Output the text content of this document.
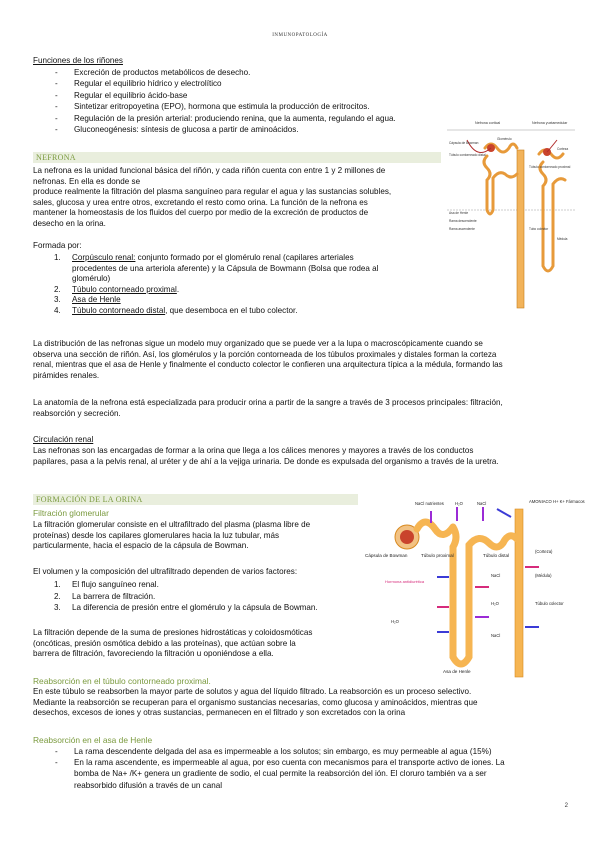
INMUNOPATOLOGÍA
Funciones de los riñones
- Excreción de productos metabólicos de desecho.
- Regular el equilibrio hídrico y electrolítico
- Regular el equilibrio ácido-base
- Sintetizar eritropoyetina (EPO), hormona que estimula la producción de eritrocitos.
- Regulación de la presión arterial: produciendo renina, que la aumenta, regulando el agua.
- Gluconeogénesis: síntesis de glucosa a partir de aminoácidos.
NEFRONA
La nefrona es la unidad funcional básica del riñón, y cada riñón cuenta con entre 1 y 2 millones de
nefronas. En ella es donde se
produce realmente la filtración del plasma sanguíneo para regular el agua y las sustancias solubles,
sales, glucosa y urea entre otros, excretando el resto como orina. La función de la nefrona es
mantener la homeostasis de los fluidos del cuerpo por medio de la excreción de productos de
desecho en la orina.
Formada por:
1. Corpúsculo renal: conjunto formado por el glomérulo renal (capilares arteriales
procedentes de una arteriola aferente) y la Cápsula de Bowmann (Bolsa que rodea al
glomérulo)
2. Túbulo contorneado proximal.
3. Asa de Henle
4. Túbulo contorneado distal, que desemboca en el tubo colector.
Nefrona cortical	Nefrona yuxtamedular
Cápsula de Bowman
Glomérulo
Túbulo contorneado distal
Túbulo contorneado proximal
Asa de Henle
Rama descendente
Rama ascendente	Tubo colector
Corteza
Médula
La distribución de las nefronas sigue un modelo muy organizado que se puede ver a la lupa o macroscópicamente cuando se
observa una sección de riñón. Así, los glomérulos y la porción contorneada de los túbulos proximales y distales forman la corteza
renal, mientras que el asa de Henle y finalmente el conducto colector le confieren una arquitectura típica a la médula, formando las
pirámides renales.
La anatomía de la nefrona está especializada para producir orina a partir de la sangre a través de 3 procesos principales: filtración,
reabsorción y secreción.
Circulación renal
Las nefronas son las encargadas de formar a la orina que llega a los cálices menores y mayores a través de los conductos
papilares, pasa a la pelvis renal, al uréter y de ahí a la vejiga urinaria. De donde es expulsada del organismo a través de la uretra.
FORMACIÓN DE LA ORINA
Filtración glomerular
La filtración glomerular consiste en el ultrafiltrado del plasma (plasma libre de
proteínas) desde los capilares glomerulares hacia la luz tubular, más
particularmente, hacia el espacio de la cápsula de Bowman.
El volumen y la composición del ultrafiltrado dependen de varios factores:
1. El flujo sanguíneo renal.
2. La barrera de filtración.
3. La diferencia de presión entre el glomérulo y la cápsula de Bowman.
La filtración depende de la suma de presiones hidrostáticas y coloidosmóticas
(oncóticas, presión osmótica debido a las proteínas), que actúan sobre la
barrera de filtración, favoreciendo la filtración u oponiéndose a ella.
NaCl nutrientes	NaCl
H₂O	AMONIACO H+ K+ Fármacos
Cápsula de Bowman	Túbulo proximal	Túbulo distal
(Corteza)
(Médula)
Túbulo colector
Hormona antidiurética
NaCl
H₂O
NaCl
H₂O
Asa de Henle
Reabsorción en el túbulo contorneado proximal.
En este túbulo se reabsorben la mayor parte de solutos y agua del líquido filtrado. La reabsorción es un proceso selectivo.
Mediante la reabsorción se recuperan para el organismo sustancias necesarias, como glucosa y aminoácidos, mientras que
desechos, excesos de iones y otras sustancias, permanecen en el filtrado y son excretados con la orina
Reabsorción en el asa de Henle
- La rama descendente delgada del asa es impermeable a los solutos; sin embargo, es muy permeable al agua (15%)
- En la rama ascendente, es impermeable al agua, por eso cuenta con mecanismos para el transporte activo de iones. La
bomba de Na+ /K+ genera un gradiente de sodio, el cual permite la reabsorción del ión. El cloruro también va a ser
reabsorbido difusión a través de un canal
2
